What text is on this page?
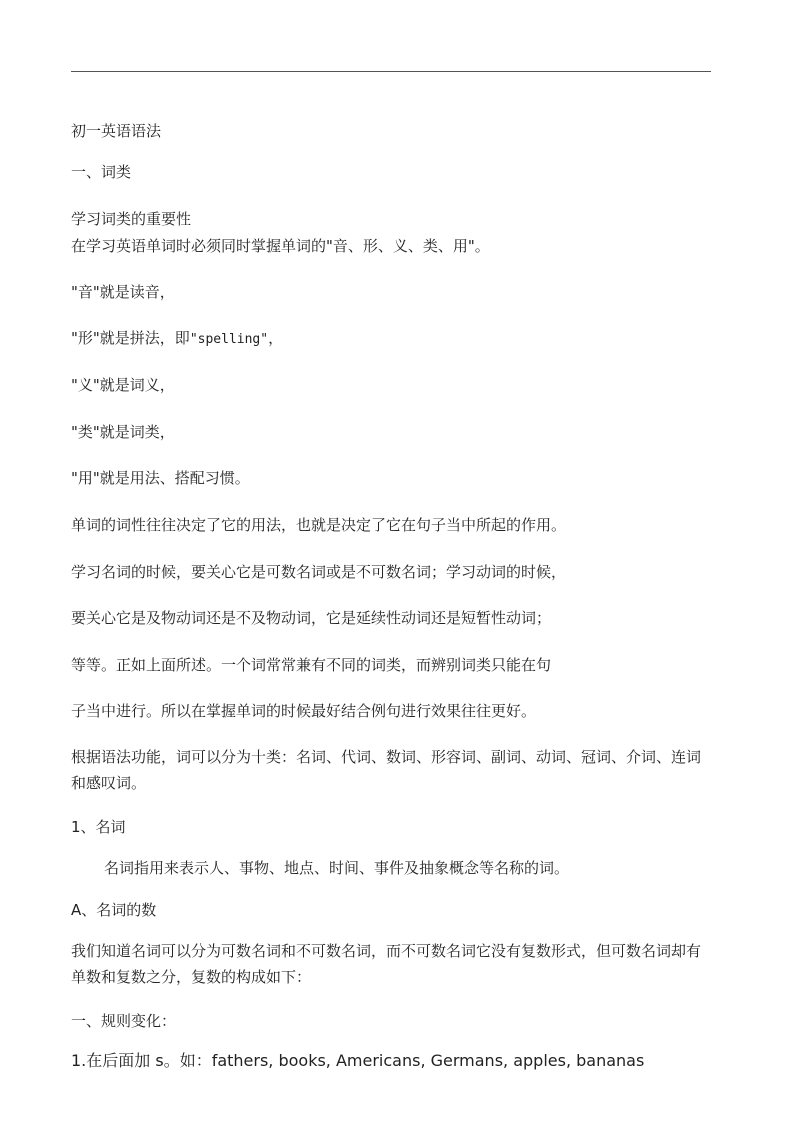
初一英语语法
一、词类
学习词类的重要性
在学习英语单词时必须同时掌握单词的"音、形、义、类、用"。
"音"就是读音，
"形"就是拼法，即"spelling"，
"义"就是词义，
"类"就是词类，
"用"就是用法、搭配习惯。
单词的词性往往决定了它的用法，也就是决定了它在句子当中所起的作用。
学习名词的时候，要关心它是可数名词或是不可数名词；学习动词的时候，
要关心它是及物动词还是不及物动词，它是延续性动词还是短暂性动词；
等等。正如上面所述。一个词常常兼有不同的词类，而辨别词类只能在句
子当中进行。所以在掌握单词的时候最好结合例句进行效果往往更好。
根据语法功能，词可以分为十类：名词、代词、数词、形容词、副词、动词、冠词、介词、连词和感叹词。
1、名词
名词指用来表示人、事物、地点、时间、事件及抽象概念等名称的词。
A、名词的数
我们知道名词可以分为可数名词和不可数名词，而不可数名词它没有复数形式，但可数名词却有单数和复数之分，复数的构成如下：
一、规则变化：
1.在后面加 s。如：fathers, books, Americans, Germans, apples, bananas
